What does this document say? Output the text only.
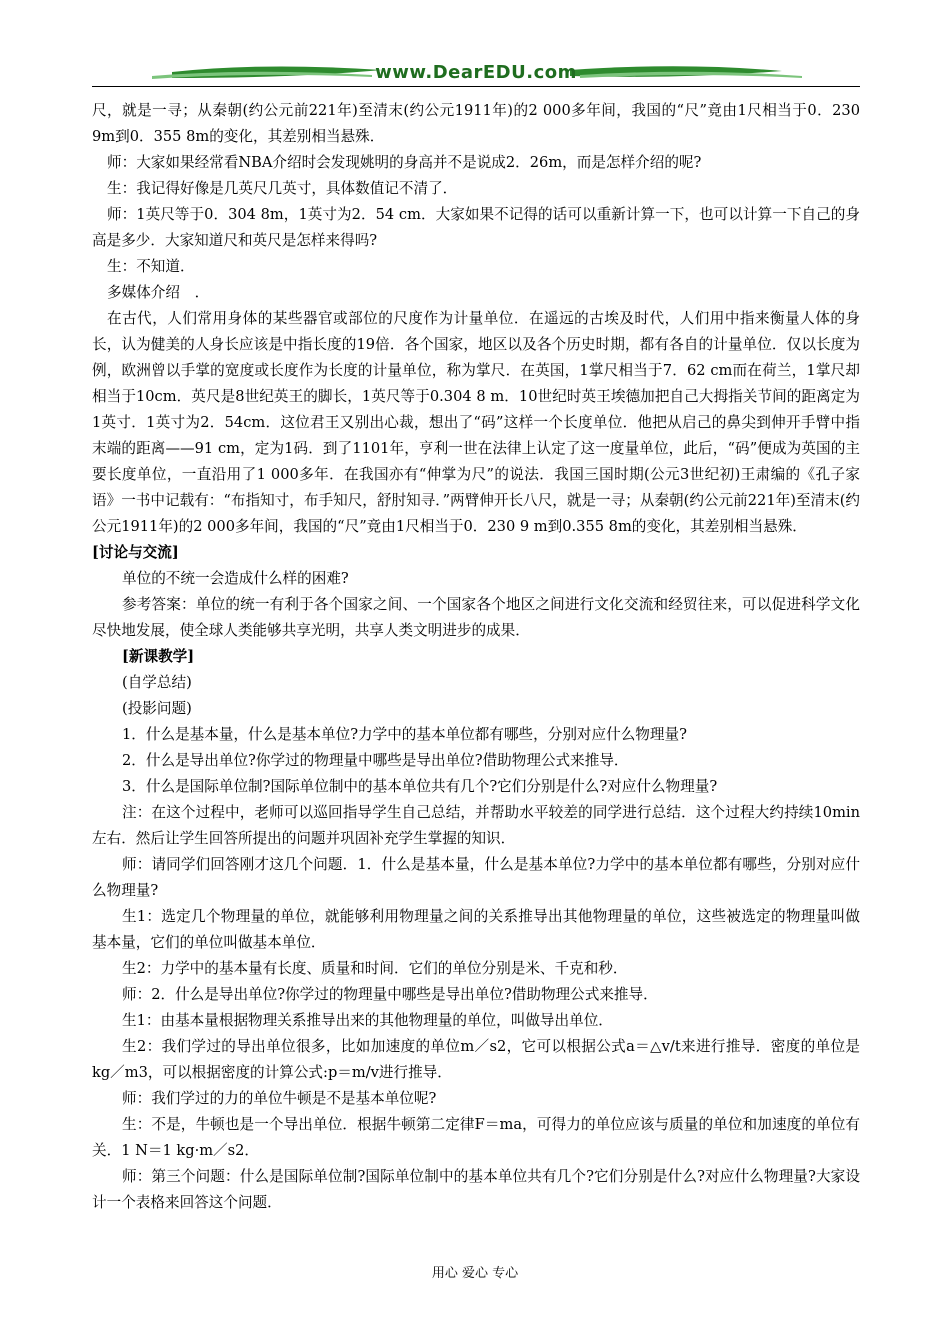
www.DearEDU.com

尺，就是一寻；从秦朝(约公元前221年)至清末(约公元1911年)的2 000多年间，我国的“尺”竟由1尺相当于0．230 9m到0．355 8m的变化，其差别相当悬殊．

师：大家如果经常看NBA介绍时会发现姚明的身高并不是说成2．26m，而是怎样介绍的呢?

生：我记得好像是几英尺几英寸，具体数值记不清了．

师：1英尺等于0．304 8m，1英寸为2．54 cm．大家如果不记得的话可以重新计算一下，也可以计算一下自己的身高是多少．大家知道尺和英尺是怎样来得吗?

生：不知道．

多媒体介绍　．

在古代，人们常用身体的某些器官或部位的尺度作为计量单位．在遥远的古埃及时代，人们用中指来衡量人体的身长，认为健美的人身长应该是中指长度的19倍．各个国家，地区以及各个历史时期，都有各自的计量单位．仅以长度为例，欧洲曾以手掌的宽度或长度作为长度的计量单位，称为掌尺．在英国，1掌尺相当于7．62 cm而在荷兰，1掌尺却相当于10cm．英尺是8世纪英王的脚长，1英尺等于0.304 8 m．10世纪时英王埃德加把自己大拇指关节间的距离定为1英寸．1英寸为2．54cm．这位君王又别出心裁，想出了“码”这样一个长度单位．他把从启己的鼻尖到伸开手臂中指末端的距离——91 cm，定为1码．到了1101年，亨利一世在法律上认定了这一度量单位，此后，“码”便成为英国的主要长度单位，一直沿用了1 000多年．在我国亦有“伸掌为尺”的说法．我国三国时期(公元3世纪初)王肃编的《孔子家语》一书中记载有：“布指知寸，布手知尺，舒肘知寻．”两臂伸开长八尺，就是一寻；从秦朝(约公元前221年)至清末(约公元1911年)的2 000多年间，我国的“尺”竟由1尺相当于0．230 9 m到0.355 8m的变化，其差别相当悬殊．

[讨论与交流]

单位的不统一会造成什么样的困难?

参考答案：单位的统一有利于各个国家之间、一个国家各个地区之间进行文化交流和经贸往来，可以促进科学文化尽快地发展，使全球人类能够共享光明，共享人类文明进步的成果．

[新课教学]

(自学总结)

(投影问题)

1．什么是基本量，什么是基本单位?力学中的基本单位都有哪些，分别对应什么物理量?

2．什么是导出单位?你学过的物理量中哪些是导出单位?借助物理公式来推导．

3．什么是国际单位制?国际单位制中的基本单位共有几个?它们分别是什么?对应什么物理量?

注：在这个过程中，老师可以巡回指导学生自己总结，并帮助水平较差的同学进行总结．这个过程大约持续10min左右．然后让学生回答所提出的问题并巩固补充学生掌握的知识．

师：请同学们回答刚才这几个问题．1．什么是基本量，什么是基本单位?力学中的基本单位都有哪些，分别对应什么物理量?

生1：选定几个物理量的单位，就能够利用物理量之间的关系推导出其他物理量的单位，这些被选定的物理量叫做基本量，它们的单位叫做基本单位．

生2：力学中的基本量有长度、质量和时间．它们的单位分别是米、千克和秒．

师：2．什么是导出单位?你学过的物理量中哪些是导出单位?借助物理公式来推导．

生1：由基本量根据物理关系推导出来的其他物理量的单位，叫做导出单位．

生2：我们学过的导出单位很多，比如加速度的单位m／s2，它可以根据公式a＝△v/t来进行推导．密度的单位是kg／m3，可以根据密度的计算公式:p＝m/v进行推导．

师：我们学过的力的单位牛顿是不是基本单位呢?

生：不是，牛顿也是一个导出单位．根据牛顿第二定律F＝ma，可得力的单位应该与质量的单位和加速度的单位有关．1 N＝1 kg·m／s2．

师：第三个问题：什么是国际单位制?国际单位制中的基本单位共有几个?它们分别是什么?对应什么物理量?大家设计一个表格来回答这个问题．

用心 爱心 专心
